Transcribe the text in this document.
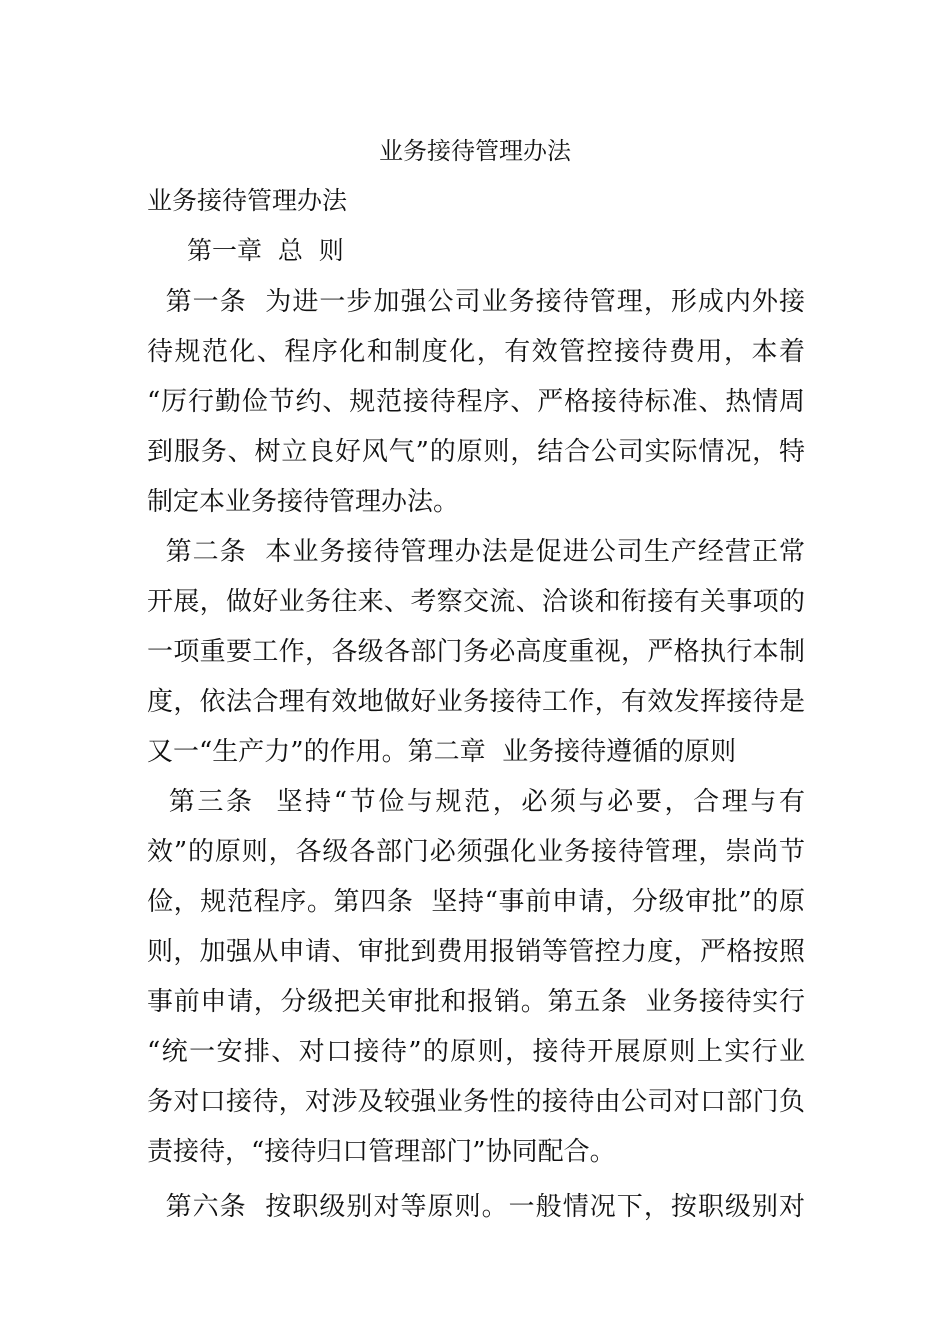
业务接待管理办法

业务接待管理办法

第一章  总  则

第一条  为进一步加强公司业务接待管理，形成内外接

待规范化、程序化和制度化，有效管控接待费用，本着

“厉行勤俭节约、规范接待程序、严格接待标准、热情周

到服务、树立良好风气”的原则，结合公司实际情况，特

制定本业务接待管理办法。

第二条  本业务接待管理办法是促进公司生产经营正常

开展，做好业务往来、考察交流、洽谈和衔接有关事项的

一项重要工作，各级各部门务必高度重视，严格执行本制

度，依法合理有效地做好业务接待工作，有效发挥接待是

又一“生产力”的作用。第二章  业务接待遵循的原则

第三条  坚持“节俭与规范，必须与必要，合理与有

效”的原则，各级各部门必须强化业务接待管理，崇尚节

俭，规范程序。第四条  坚持“事前申请，分级审批”的原

则，加强从申请、审批到费用报销等管控力度，严格按照

事前申请，分级把关审批和报销。第五条  业务接待实行

“统一安排、对口接待”的原则，接待开展原则上实行业

务对口接待，对涉及较强业务性的接待由公司对口部门负

责接待，“接待归口管理部门”协同配合。

第六条  按职级别对等原则。一般情况下，按职级别对
